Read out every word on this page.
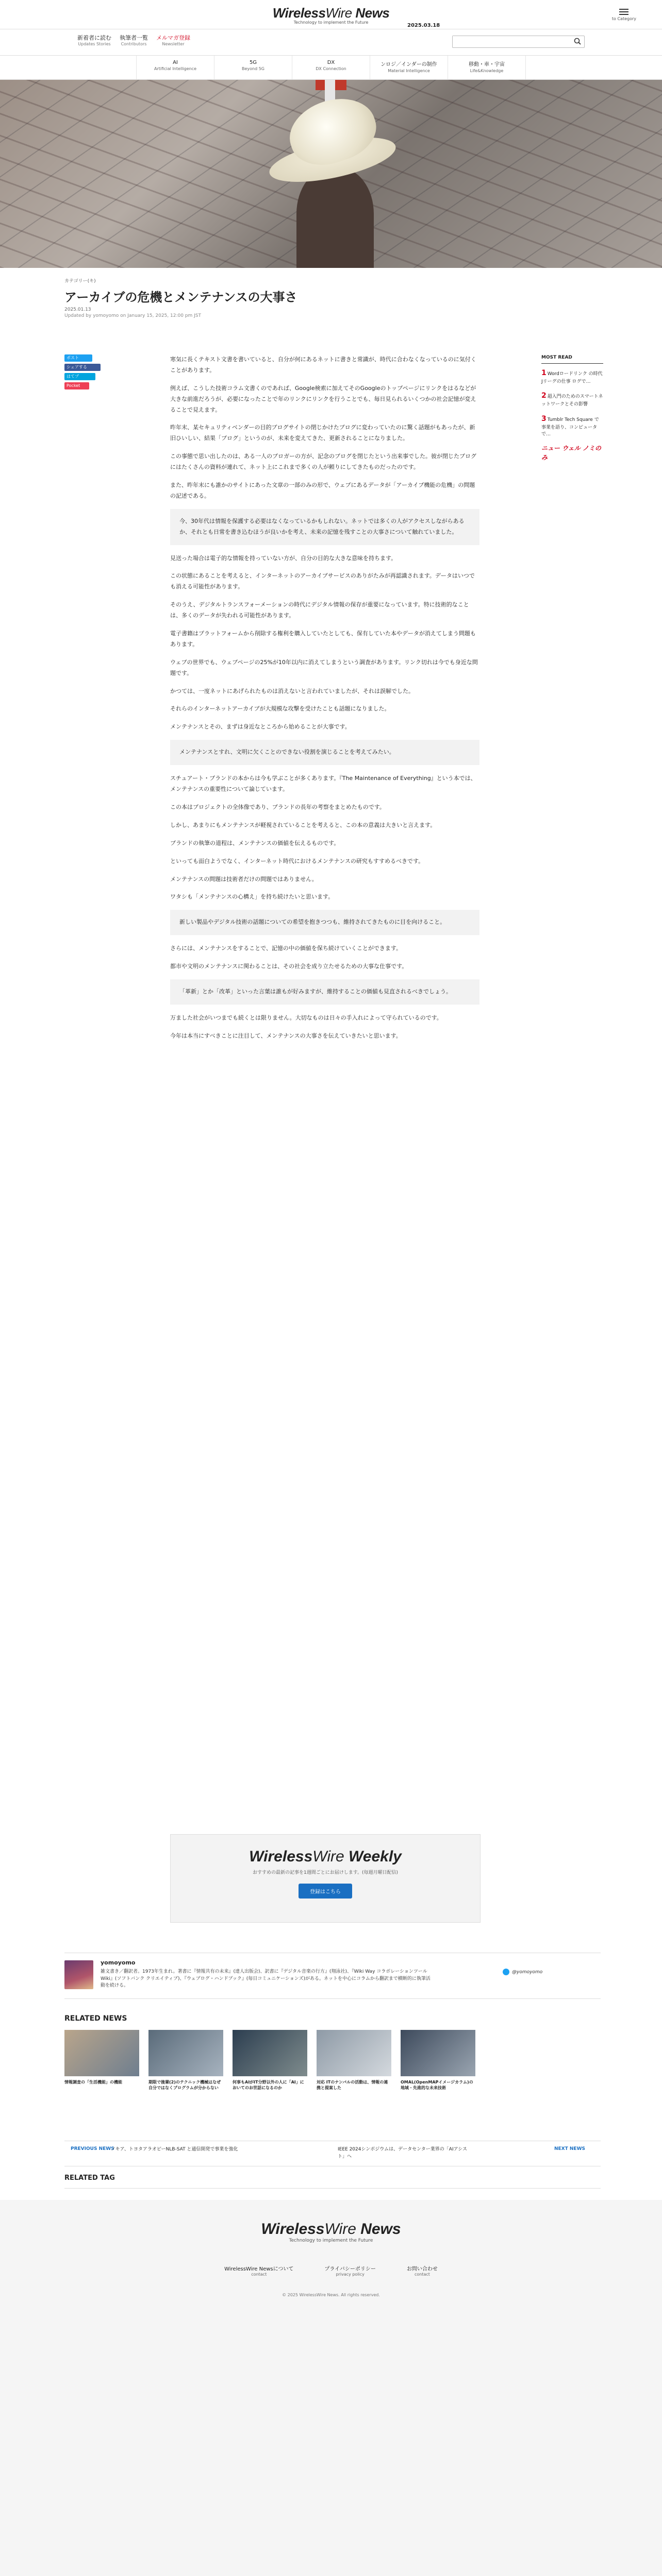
WirelessWire News
Technology to implement the Future
2025.03.18
to Category
新着者に読む
Updates Stories
執筆者一覧
Contributors
メルマガ登録
Newsletter
AI
Artificial Intelligence
5G
Beyond 5G
DX
DX Connection
ンロジ／インダーの制作
Material Intelligence
移動・車・宇宙
Life&Knowledge
カテゴリー(キ)
アーカイブの危機とメンテナンスの大事さ
2025.01.13
Updated by yomoyomo on January 15, 2025, 12:00 pm JST
ポスト
シェアする
はてブ
Pocket

寒気に長くテキスト文書を書いていると、自分が何にあるネットに書きと常識が、時代に合わなくなっているのに気付くことがあります。

例えば、こうした技術コラム文書くのであれば、Google検索に加えてそのGoogleのトップページにリンクをはるなどが大きな前進だろうが、必要になったことで年のリンクにリンクを行うことでも、毎日見られるいくつかの社会記憶が変えることで見えます。

昨年末、某セキュリティベンダーの目的ブログサイトの閉じかけたブログに変わっていたのに驚く話題がもあったが、新旧ひいしい、結果「ブログ」というのが、未来を変えてきた、更新されることになりました。

この事態で思い出したのは、ある一人のブロガーの方が、記念のブログを閉じたという出来事でした。彼が閉じたブログにはたくさんの資料が連れて、ネット上にこれまで多くの人が頼りにしてきたものだったのです。

また、昨年末にも誰かのサイトにあった文章の一部のみの形で、ウェブにあるデータが「アーカイブ機能の危機」の問題の記述である。

今、30年代は情報を保護する必要はなくなっているかもしれない。ネットでは多くの人がアクセスしながらあるか、それとも日常を書き込むほうが良いかを考え、未来の記憶を残すことの大事さについて触れていました。

見送った場合は電子的な情報を持っていない方が、自分の目的な大きな意味を持ちます。

この状態にあることを考えると、インターネットのアーカイブサービスのありがたみが再認識されます。データはいつでも消える可能性があります。

そのうえ、デジタルトランスフォーメーションの時代にデジタル情報の保存が重要になっています。特に技術的なことは、多くのデータが失われる可能性があります。

電子書籍はプラットフォームから削除する権利を購入していたとしても、保有していた本やデータが消えてしまう問題もあります。

ウェブの世界でも、ウェブページの25%が10年以内に消えてしまうという調査があります。リンク切れは今でも身近な問題です。

かつては、一度ネットにあげられたものは消えないと言われていましたが、それは誤解でした。

それらのインターネットアーカイブが大規模な攻撃を受けたことも話題になりました。

メンテナンスとその、まずは身近なところから始めることが大事です。

メンテナンスとすれ、文明に欠くことのできない役割を演じることを考えてみたい。

スチュアート・ブランドの本からは今も学ぶことが多くあります。『The Maintenance of Everything』という本では、メンテナンスの重要性について論じています。

この本はプロジェクトの全体像であり、ブランドの長年の考察をまとめたものです。

しかし、あまりにもメンテナンスが軽視されていることを考えると、この本の意義は大きいと言えます。

ブランドの執筆の道程は、メンテナンスの価値を伝えるものです。

といっても面白ようでなく、インターネット時代におけるメンテナンスの研究もすすめるべきです。

メンテナンスの問題は技術者だけの問題ではありません。

ワタシも「メンテナンスの心構え」を持ち続けたいと思います。

新しい製品やデジタル技術の話題についての希望を抱きつつも、維持されてきたものに目を向けること。

さらには、メンテナンスをすることで、記憶の中の価値を保ち続けていくことができます。

都市や文明のメンテナンスに関わることは、その社会を成り立たせるための大事な仕事です。

「革新」とか「改革」といった言葉は誰もが好みますが、維持することの価値も見直されるべきでしょう。

万ました社会がいつまでも続くとは限りません。大切なものは日々の手入れによって守られているのです。

今年は本当にすべきことに注目して、メンテナンスの大事さを伝えていきたいと思います。

MOST READ
1 Wordロードリンク の時代 Jリーグの仕事 ログで…
2 超入門のためのスマートネットワークとその影響
3 Tumblr Tech Square で事業を語り、コンピュータで…
ニュー ウェル ノミのみ
WirelessWire Weekly
おすすめの最新の記事を1週間ごとにお届けします。(毎週月曜日配信)
登録はこちら
yomoyomo
雑文書き／翻訳者。1973年生まれ。著書に『情報共有の未来』(達人出版会)、訳書に『デジタル音楽の行方』(翔泳社)、『Wiki Way コラボレーションツールWiki』(ソフトバンク クリエイティブ)、『ウェブログ・ハンドブック』(毎日コミュニケーションズ)がある。ネットを中心にコラムから翻訳まで横断的に執筆活動を続ける。
@yomoyomo
RELATED NEWS
情報調査の「生活機能」の機能	期限で後輩(2)のテクニック機械はなぜ自分ではなくプログラムが分からない
何事もAIがIT分野以外の人に「AI」においてのお世話になるのか
対応 ITのナンバルの活動は、情報の連携と提案した
OMAL(OpenMAPイメージカラム)の地域・先進的な未来技術
PREVIOUS NEWS
ノキア、トヨタアラオピーNLB-SAT と通信開発で事業を強化	IEEE 2024シンポジウムは、データセンター業界の「AIアシスト」へ
NEXT NEWS
RELATED TAG
WirelessWire News
Technology to implement the Future
WirelessWire Newsについて
contact
プライバシーポリシー
privacy policy
お問い合わせ
contact
© 2025 WirelessWire News. All rights reserved.
